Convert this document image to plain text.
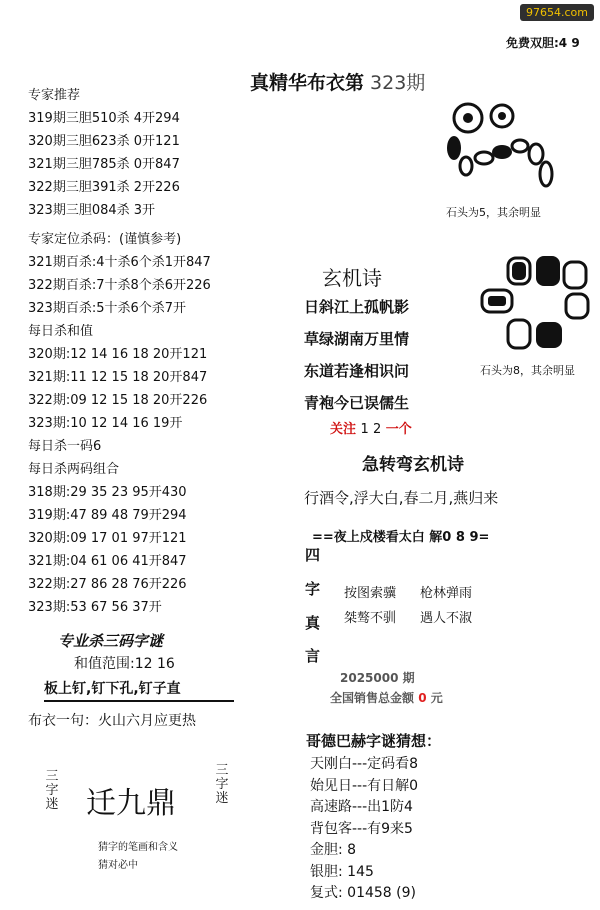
97654.com
免费双胆:4 9
真精华布衣第 323期
专家推荐
319期三胆510杀 4开294
320期三胆623杀 0开121
321期三胆785杀 0开847
322期三胆391杀 2开226
323期三胆084杀 3开
专家定位杀码：(谨慎参考)
321期百杀:4十杀6个杀1开847
322期百杀:7十杀8个杀6开226
323期百杀:5十杀6个杀7开
每日杀和值
320期:12 14 16 18 20开121
321期:11 12 15 18 20开847
322期:09 12 15 18 20开226
323期:10 12 14 16 19开
每日杀一码6
每日杀两码组合
318期:29 35 23 95开430
319期:47 89 48 79开294
320期:09 17 01 97开121
321期:04 61 06 41开847
322期:27 86 28 76开226
323期:53 67 56 37开
专业杀三码字谜
和值范围:12 16
板上钉,钉下孔,钉子直
布衣一句：火山六月应更热
三字迷 迁九鼎
三字迷
猜字的笔画和含义
猜对必中
石头为5，其余明显
石头为8，其余明显
玄机诗
日斜江上孤帆影
草绿湖南万里情
东道若逢相识问
青袍今已误儒生
关注 1 2 一个
急转弯玄机诗
行酒令,浮大白,春二月,燕归来
==夜上戍楼看太白 解0 8 9=
四
字
真
言
按图索骥 枪林弹雨
桀骜不驯 遇人不淑
2025000 期
全国销售总金额 0 元
哥德巴赫字谜猜想：
天刚白---定码看8
始见日---有日解0
高速路---出1防4
背包客---有9来5
金胆: 8
银胆: 145
复式: 01458 (9)
